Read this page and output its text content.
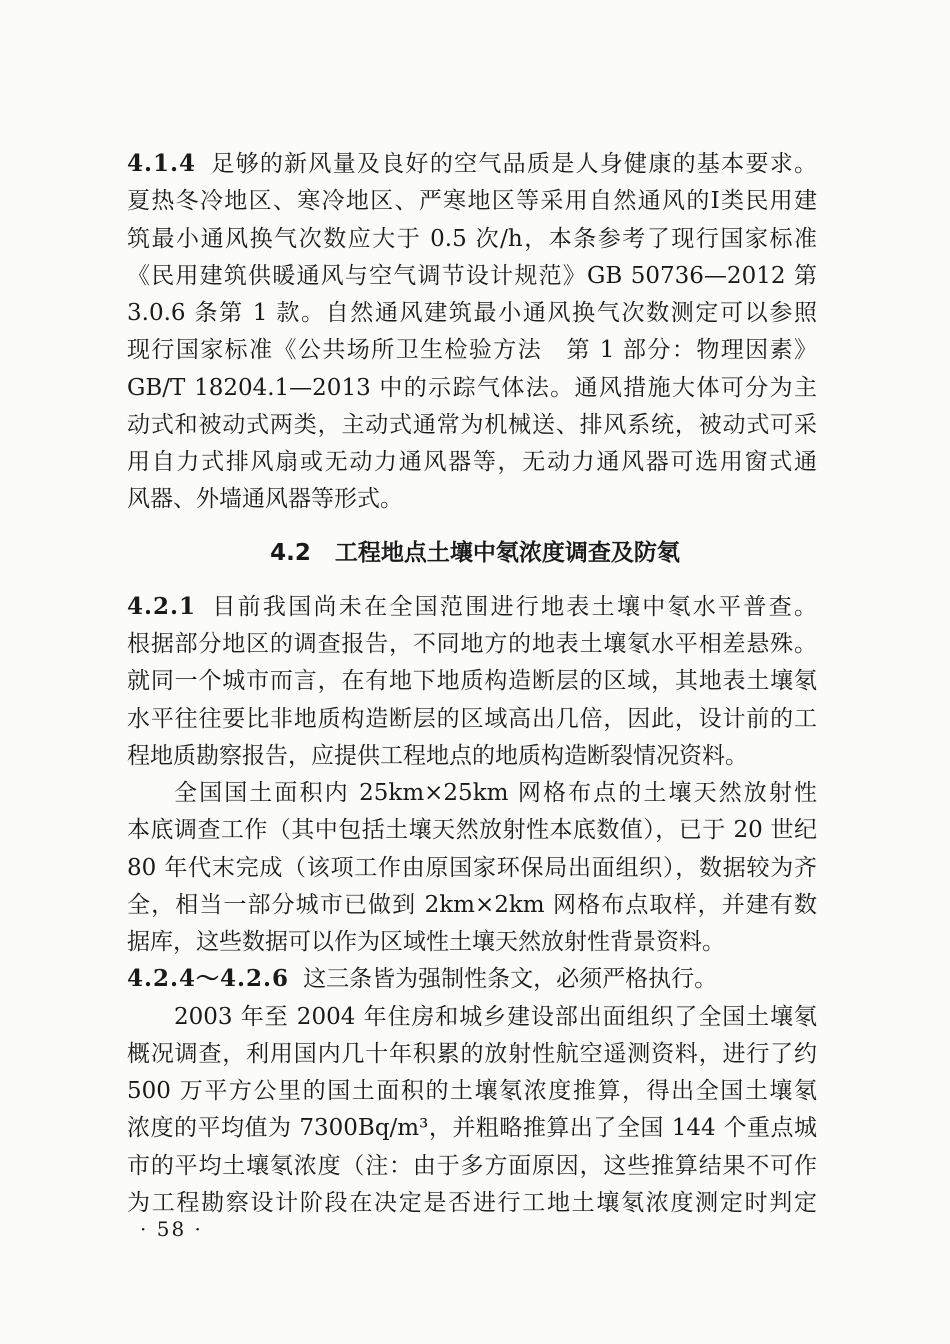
4.1.4 足够的新风量及良好的空气品质是人身健康的基本要求。
夏热冬冷地区、寒冷地区、严寒地区等采用自然通风的Ⅰ类民用建
筑最小通风换气次数应大于 0.5 次/h，本条参考了现行国家标准
《民用建筑供暖通风与空气调节设计规范》GB 50736—2012 第
3.0.6 条第 1 款。自然通风建筑最小通风换气次数测定可以参照
现行国家标准《公共场所卫生检验方法　第 1 部分：物理因素》
GB/T 18204.1—2013 中的示踪气体法。通风措施大体可分为主
动式和被动式两类，主动式通常为机械送、排风系统，被动式可采
用自力式排风扇或无动力通风器等，无动力通风器可选用窗式通
风器、外墙通风器等形式。
4.2 工程地点土壤中氡浓度调查及防氡
4.2.1 目前我国尚未在全国范围进行地表土壤中氡水平普查。
根据部分地区的调查报告，不同地方的地表土壤氡水平相差悬殊。
就同一个城市而言，在有地下地质构造断层的区域，其地表土壤氡
水平往往要比非地质构造断层的区域高出几倍，因此，设计前的工
程地质勘察报告，应提供工程地点的地质构造断裂情况资料。
全国国土面积内 25km×25km 网格布点的土壤天然放射性
本底调查工作（其中包括土壤天然放射性本底数值），已于 20 世纪
80 年代末完成（该项工作由原国家环保局出面组织），数据较为齐
全，相当一部分城市已做到 2km×2km 网格布点取样，并建有数
据库，这些数据可以作为区域性土壤天然放射性背景资料。
4.2.4～4.2.6 这三条皆为强制性条文，必须严格执行。
2003 年至 2004 年住房和城乡建设部出面组织了全国土壤氡
概况调查，利用国内几十年积累的放射性航空遥测资料，进行了约
500 万平方公里的国土面积的土壤氡浓度推算，得出全国土壤氡
浓度的平均值为 7300Bq/m³，并粗略推算出了全国 144 个重点城
市的平均土壤氡浓度（注：由于多方面原因，这些推算结果不可作
为工程勘察设计阶段在决定是否进行工地土壤氡浓度测定时判定
· 58 ·
